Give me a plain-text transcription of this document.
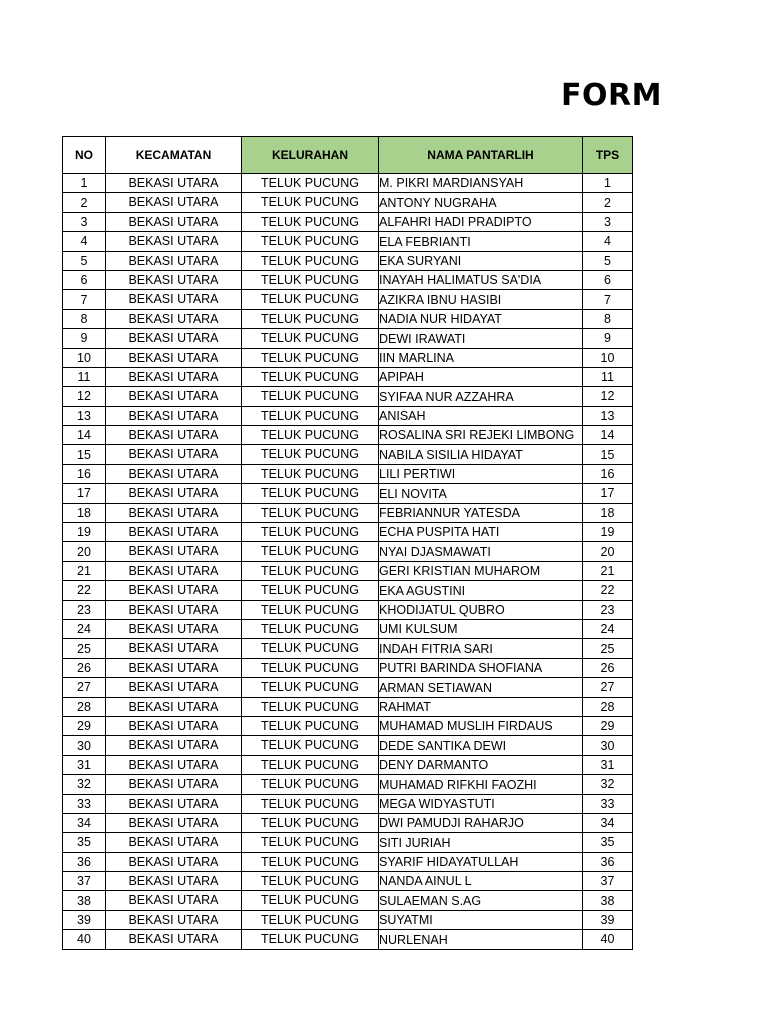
FORM
NO	KECAMATAN	KELURAHAN	NAMA PANTARLIH	TPS
1	BEKASI UTARA	TELUK PUCUNG	M. PIKRI MARDIANSYAH	1
2	BEKASI UTARA	TELUK PUCUNG	ANTONY NUGRAHA	2
3	BEKASI UTARA	TELUK PUCUNG	ALFAHRI HADI PRADIPTO	3
4	BEKASI UTARA	TELUK PUCUNG	ELA FEBRIANTI	4
5	BEKASI UTARA	TELUK PUCUNG	EKA SURYANI	5
6	BEKASI UTARA	TELUK PUCUNG	INAYAH HALIMATUS SA'DIA	6
7	BEKASI UTARA	TELUK PUCUNG	AZIKRA IBNU HASIBI	7
8	BEKASI UTARA	TELUK PUCUNG	NADIA NUR HIDAYAT	8
9	BEKASI UTARA	TELUK PUCUNG	DEWI IRAWATI	9
10	BEKASI UTARA	TELUK PUCUNG	IIN MARLINA	10
11	BEKASI UTARA	TELUK PUCUNG	APIPAH	11
12	BEKASI UTARA	TELUK PUCUNG	SYIFAA NUR AZZAHRA	12
13	BEKASI UTARA	TELUK PUCUNG	ANISAH	13
14	BEKASI UTARA	TELUK PUCUNG	ROSALINA SRI REJEKI LIMBONG	14
15	BEKASI UTARA	TELUK PUCUNG	NABILA SISILIA HIDAYAT	15
16	BEKASI UTARA	TELUK PUCUNG	LILI PERTIWI	16
17	BEKASI UTARA	TELUK PUCUNG	ELI NOVITA	17
18	BEKASI UTARA	TELUK PUCUNG	FEBRIANNUR YATESDA	18
19	BEKASI UTARA	TELUK PUCUNG	ECHA PUSPITA HATI	19
20	BEKASI UTARA	TELUK PUCUNG	NYAI DJASMAWATI	20
21	BEKASI UTARA	TELUK PUCUNG	GERI KRISTIAN MUHAROM	21
22	BEKASI UTARA	TELUK PUCUNG	EKA AGUSTINI	22
23	BEKASI UTARA	TELUK PUCUNG	KHODIJATUL QUBRO	23
24	BEKASI UTARA	TELUK PUCUNG	UMI KULSUM	24
25	BEKASI UTARA	TELUK PUCUNG	INDAH FITRIA SARI	25
26	BEKASI UTARA	TELUK PUCUNG	PUTRI BARINDA SHOFIANA	26
27	BEKASI UTARA	TELUK PUCUNG	ARMAN SETIAWAN	27
28	BEKASI UTARA	TELUK PUCUNG	RAHMAT	28
29	BEKASI UTARA	TELUK PUCUNG	MUHAMAD MUSLIH FIRDAUS	29
30	BEKASI UTARA	TELUK PUCUNG	DEDE SANTIKA DEWI	30
31	BEKASI UTARA	TELUK PUCUNG	DENY DARMANTO	31
32	BEKASI UTARA	TELUK PUCUNG	MUHAMAD RIFKHI FAOZHI	32
33	BEKASI UTARA	TELUK PUCUNG	MEGA WIDYASTUTI	33
34	BEKASI UTARA	TELUK PUCUNG	DWI PAMUDJI RAHARJO	34
35	BEKASI UTARA	TELUK PUCUNG	SITI JURIAH	35
36	BEKASI UTARA	TELUK PUCUNG	SYARIF HIDAYATULLAH	36
37	BEKASI UTARA	TELUK PUCUNG	NANDA AINUL L	37
38	BEKASI UTARA	TELUK PUCUNG	SULAEMAN S.AG	38
39	BEKASI UTARA	TELUK PUCUNG	SUYATMI	39
40	BEKASI UTARA	TELUK PUCUNG	NURLENAH	40
